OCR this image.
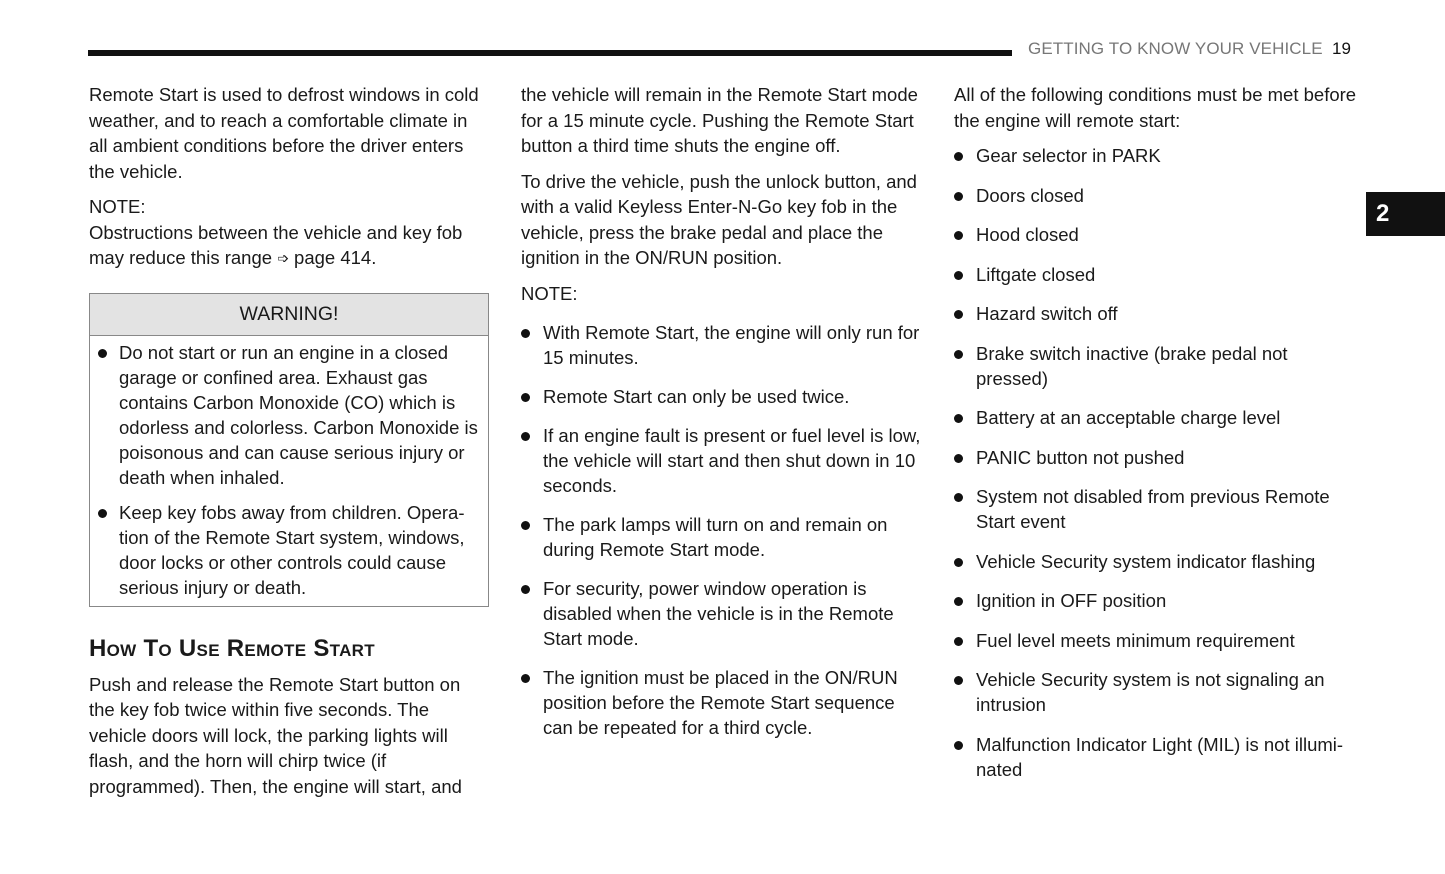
GETTING TO KNOW YOUR VEHICLE 19
2

Remote Start is used to defrost windows in cold weather, and to reach a comfortable climate in all ambient conditions before the driver enters the vehicle.

NOTE:

Obstructions between the vehicle and key fob may reduce this range ➩ page 414.

WARNING!
Do not start or run an engine in a closed garage or confined area. Exhaust gas contains Carbon Monoxide (CO) which is odorless and colorless. Carbon Monoxide is poisonous and can cause serious injury or death when inhaled.
Keep key fobs away from children. Opera-tion of the Remote Start system, windows, door locks or other controls could cause serious injury or death.
How To Use Remote Start

Push and release the Remote Start button on the key fob twice within five seconds. The vehicle doors will lock, the parking lights will flash, and the horn will chirp twice (if programmed). Then, the engine will start, and

the vehicle will remain in the Remote Start mode for a 15 minute cycle. Pushing the Remote Start button a third time shuts the engine off.

To drive the vehicle, push the unlock button, and with a valid Keyless Enter-N-Go key fob in the vehicle, press the brake pedal and place the ignition in the ON/RUN position.

NOTE:

With Remote Start, the engine will only run for 15 minutes.
Remote Start can only be used twice.
If an engine fault is present or fuel level is low, the vehicle will start and then shut down in 10 seconds.
The park lamps will turn on and remain on during Remote Start mode.
For security, power window operation is disabled when the vehicle is in the Remote Start mode.
The ignition must be placed in the ON/RUN position before the Remote Start sequence can be repeated for a third cycle.

All of the following conditions must be met before the engine will remote start:

Gear selector in PARK
Doors closed
Hood closed
Liftgate closed
Hazard switch off
Brake switch inactive (brake pedal not pressed)
Battery at an acceptable charge level
PANIC button not pushed
System not disabled from previous Remote Start event
Vehicle Security system indicator flashing
Ignition in OFF position
Fuel level meets minimum requirement
Vehicle Security system is not signaling an intrusion
Malfunction Indicator Light (MIL) is not illumi-nated
